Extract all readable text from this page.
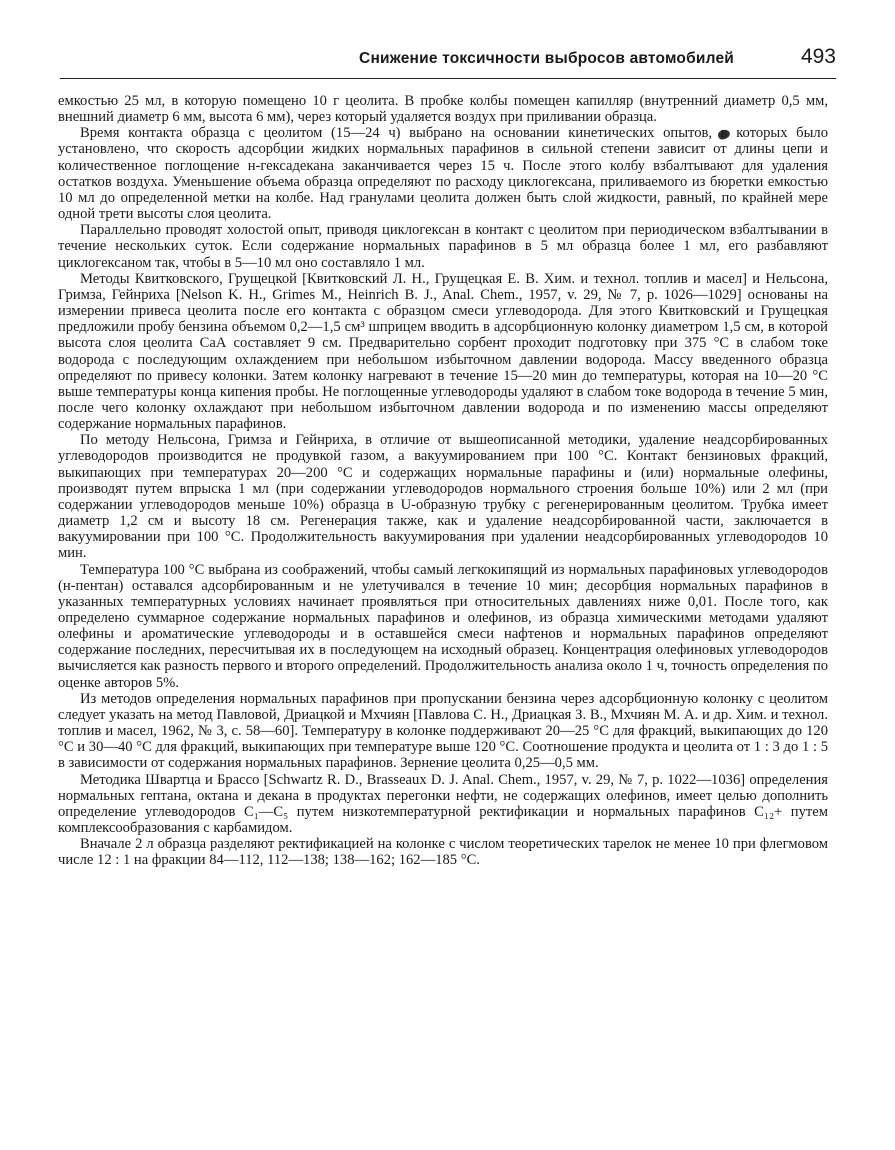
Снижение токсичности выбросов автомобилей	493

емкостью 25 мл, в которую помещено 10 г цеолита. В пробке колбы помещен капилляр (внутренний диаметр 0,5 мм, внешний диаметр 6 мм, высота 6 мм), через который удаляется воздух при приливании образца.

Время контакта образца с цеолитом (15—24 ч) выбрано на основании кинетических опытов, в которых было установлено, что скорость адсорбции жидких нормальных парафинов в сильной степени зависит от длины цепи и количественное поглощение н-гексадекана заканчивается через 15 ч. После этого колбу взбалтывают для удаления остатков воздуха. Уменьшение объема образца определяют по расходу циклогексана, приливаемого из бюретки емкостью 10 мл до определенной метки на колбе. Над гранулами цеолита должен быть слой жидкости, равный, по крайней мере одной трети высоты слоя цеолита.

Параллельно проводят холостой опыт, приводя циклогексан в контакт с цеолитом при периодическом взбалтывании в течение нескольких суток. Если содержание нормальных парафинов в 5 мл образца более 1 мл, его разбавляют циклогексаном так, чтобы в 5—10 мл оно составляло 1 мл.

Методы Квитковского, Грущецкой [Квитковский Л. Н., Грущецкая Е. В. Хим. и технол. топлив и масел] и Нельсона, Гримза, Гейнриха [Nelson K. H., Grimes M., Heinrich B. J., Anal. Chem., 1957, v. 29, № 7, p. 1026—1029] основаны на измерении привеса цеолита после его контакта с образцом смеси углеводорода. Для этого Квитковский и Грущецкая предложили пробу бензина объемом 0,2—1,5 см³ шприцем вводить в адсорбционную колонку диаметром 1,5 см, в которой высота слоя цеолита СаА составляет 9 см. Предварительно сорбент проходит подготовку при 375 °С в слабом токе водорода с последующим охлаждением при небольшом избыточном давлении водорода. Массу введенного образца определяют по привесу колонки. Затем колонку нагревают в течение 15—20 мин до температуры, которая на 10—20 °С выше температуры конца кипения пробы. Не поглощенные углеводороды удаляют в слабом токе водорода в течение 5 мин, после чего колонку охлаждают при небольшом избыточном давлении водорода и по изменению массы определяют содержание нормальных парафинов.

По методу Нельсона, Гримза и Гейнриха, в отличие от вышеописанной методики, удаление неадсорбированных углеводородов производится не продувкой газом, а вакуумированием при 100 °С. Контакт бензиновых фракций, выкипающих при температурах 20—200 °С и содержащих нормальные парафины и (или) нормальные олефины, производят путем впрыска 1 мл (при содержании углеводородов нормального строения больше 10%) или 2 мл (при содержании углеводородов меньше 10%) образца в U-образную трубку с регенерированным цеолитом. Трубка имеет диаметр 1,2 см и высоту 18 см. Регенерация также, как и удаление неадсорбированной части, заключается в вакуумировании при 100 °С. Продолжительность вакуумирования при удалении неадсорбированных углеводородов 10 мин.

Температура 100 °С выбрана из соображений, чтобы самый легкокипящий из нормальных парафиновых углеводородов (н-пентан) оставался адсорбированным и не улетучивался в течение 10 мин; десорбция нормальных парафинов в указанных температурных условиях начинает проявляться при относительных давлениях ниже 0,01. После того, как определено суммарное содержание нормальных парафинов и олефинов, из образца химическими методами удаляют олефины и ароматические углеводороды и в оставшейся смеси нафтенов и нормальных парафинов определяют содержание последних, пересчитывая их в последующем на исходный образец. Концентрация олефиновых углеводородов вычисляется как разность первого и второго определений. Продолжительность анализа около 1 ч, точность определения по оценке авторов 5%.

Из методов определения нормальных парафинов при пропускании бензина через адсорбционную колонку с цеолитом следует указать на метод Павловой, Дриацкой и Мхчиян [Павлова С. Н., Дриацкая З. В., Мхчиян М. А. и др. Хим. и технол. топлив и масел, 1962, № 3, с. 58—60]. Температуру в колонке поддерживают 20—25 °С для фракций, выкипающих до 120 °С и 30—40 °С для фракций, выкипающих при температуре выше 120 °С. Соотношение продукта и цеолита от 1 : 3 до 1 : 5 в зависимости от содержания нормальных парафинов. Зернение цеолита 0,25—0,5 мм.

Методика Швартца и Брассо [Schwartz R. D., Brasseaux D. J. Anal. Chem., 1957, v. 29, № 7, p. 1022—1036] определения нормальных гептана, октана и декана в продуктах перегонки нефти, не содержащих олефинов, имеет целью дополнить определение углеводородов C₁—C₅ путем низкотемпературной ректификации и нормальных парафинов C₁₂+ путем комплексообразования с карбамидом.

Вначале 2 л образца разделяют ректификацией на колонке с числом теоретических тарелок не менее 10 при флегмовом числе 12 : 1 на фракции 84—112, 112—138; 138—162; 162—185 °С.
